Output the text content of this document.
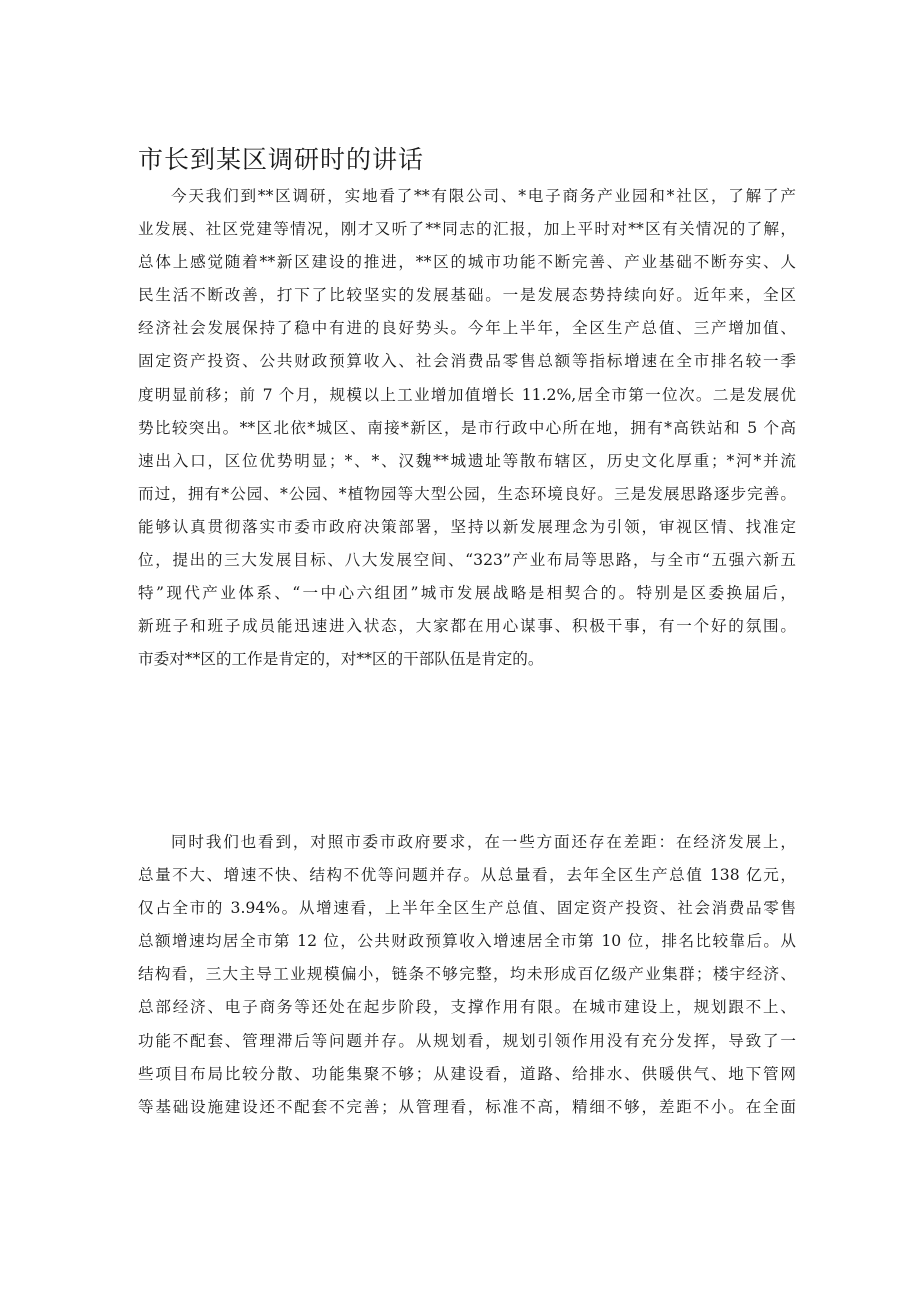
市长到某区调研时的讲话
今天我们到**区调研，实地看了**有限公司、*电子商务产业园和*社区，了解了产
业发展、社区党建等情况，刚才又听了**同志的汇报，加上平时对**区有关情况的了解，
总体上感觉随着**新区建设的推进，**区的城市功能不断完善、产业基础不断夯实、人
民生活不断改善，打下了比较坚实的发展基础。一是发展态势持续向好。近年来，全区
经济社会发展保持了稳中有进的良好势头。今年上半年，全区生产总值、三产增加值、
固定资产投资、公共财政预算收入、社会消费品零售总额等指标增速在全市排名较一季
度明显前移；前 7 个月，规模以上工业增加值增长 11.2%,居全市第一位次。二是发展优
势比较突出。**区北依*城区、南接*新区，是市行政中心所在地，拥有*高铁站和 5 个高
速出入口，区位优势明显；*、*、汉魏**城遗址等散布辖区，历史文化厚重；*河*并流
而过，拥有*公园、*公园、*植物园等大型公园，生态环境良好。三是发展思路逐步完善。
能够认真贯彻落实市委市政府决策部署，坚持以新发展理念为引领，审视区情、找准定
位，提出的三大发展目标、八大发展空间、“323”产业布局等思路，与全市“五强六新五
特”现代产业体系、“一中心六组团”城市发展战略是相契合的。特别是区委换届后，
新班子和班子成员能迅速进入状态，大家都在用心谋事、积极干事，有一个好的氛围。
市委对**区的工作是肯定的，对**区的干部队伍是肯定的。
同时我们也看到，对照市委市政府要求，在一些方面还存在差距：在经济发展上，
总量不大、增速不快、结构不优等问题并存。从总量看，去年全区生产总值 138 亿元，
仅占全市的 3.94%。从增速看，上半年全区生产总值、固定资产投资、社会消费品零售
总额增速均居全市第 12 位，公共财政预算收入增速居全市第 10 位，排名比较靠后。从
结构看，三大主导工业规模偏小，链条不够完整，均未形成百亿级产业集群；楼宇经济、
总部经济、电子商务等还处在起步阶段，支撑作用有限。在城市建设上，规划跟不上、
功能不配套、管理滞后等问题并存。从规划看，规划引领作用没有充分发挥，导致了一
些项目布局比较分散、功能集聚不够；从建设看，道路、给排水、供暖供气、地下管网
等基础设施建设还不配套不完善；从管理看，标准不高，精细不够，差距不小。在全面
